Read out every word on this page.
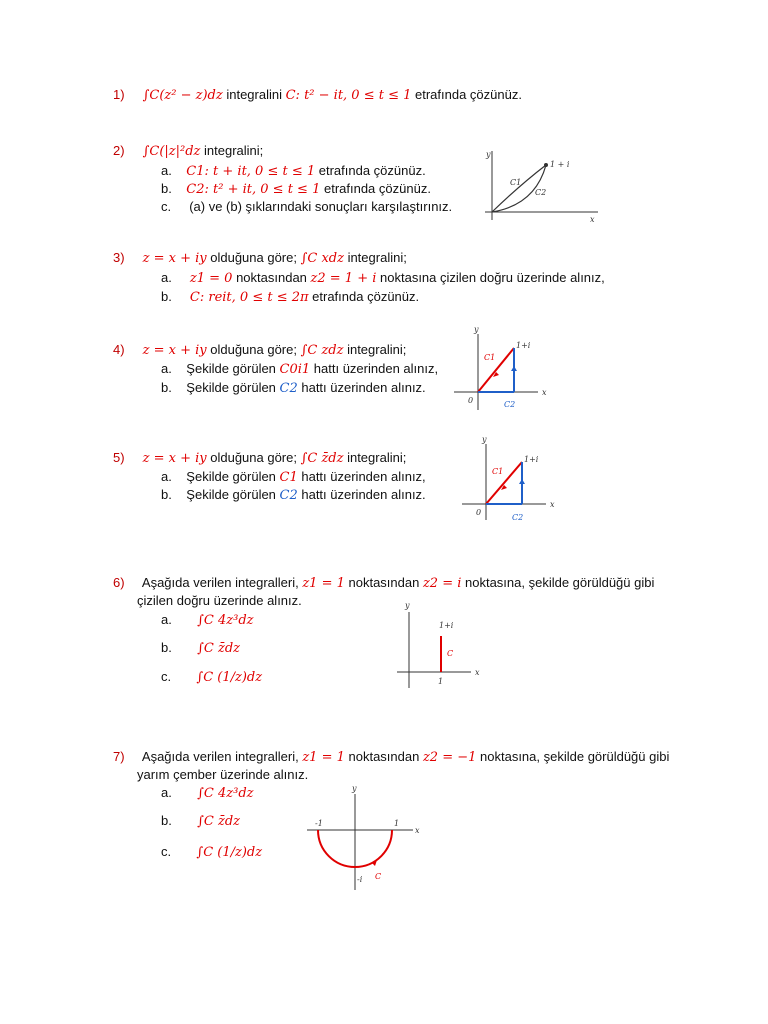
1) ∫C(z² − z)dz integralini C: t² − it, 0 ≤ t ≤ 1 etrafında çözünüz.
2) ∫C(|z|²dz integralini;
a. C1: t + it, 0 ≤ t ≤ 1 etrafında çözünüz.
b. C2: t² + it, 0 ≤ t ≤ 1 etrafında çözünüz.
c. (a) ve (b) şıklarındaki sonuçları karşılaştırınız.
y
x
1 + i
C1
C2
3) z = x + iy olduğuna göre; ∫C xdz integralini;
a. z1 = 0 noktasından z2 = 1 + i noktasına çizilen doğru üzerinde alınız,
b. C: reit, 0 ≤ t ≤ 2π etrafında çözünüz.
4) z = x + iy olduğuna göre; ∫C zdz integralini;
a. Şekilde görülen C0i1 hattı üzerinden alınız,
b. Şekilde görülen C2 hattı üzerinden alınız.
y
x
0
1+i
C1
C2
5) z = x + iy olduğuna göre; ∫C z̄dz integralini;
a. Şekilde görülen C1 hattı üzerinden alınız,
b. Şekilde görülen C2 hattı üzerinden alınız.
y
x
0
1+i
C1
C2
6) Aşağıda verilen integralleri, z1 = 1 noktasından z2 = i noktasına, şekilde görüldüğü gibi
çizilen doğru üzerinde alınız.
a. ∫C 4z³dz
b. ∫C z̄dz
c. ∫C (1/z)dz
y
x
1+i
C
1
7) Aşağıda verilen integralleri, z1 = 1 noktasından z2 = −1 noktasına, şekilde görüldüğü gibi
yarım çember üzerinde alınız.
a. ∫C 4z³dz
b. ∫C z̄dz
c. ∫C (1/z)dz
y
x
-1	1
-i C
